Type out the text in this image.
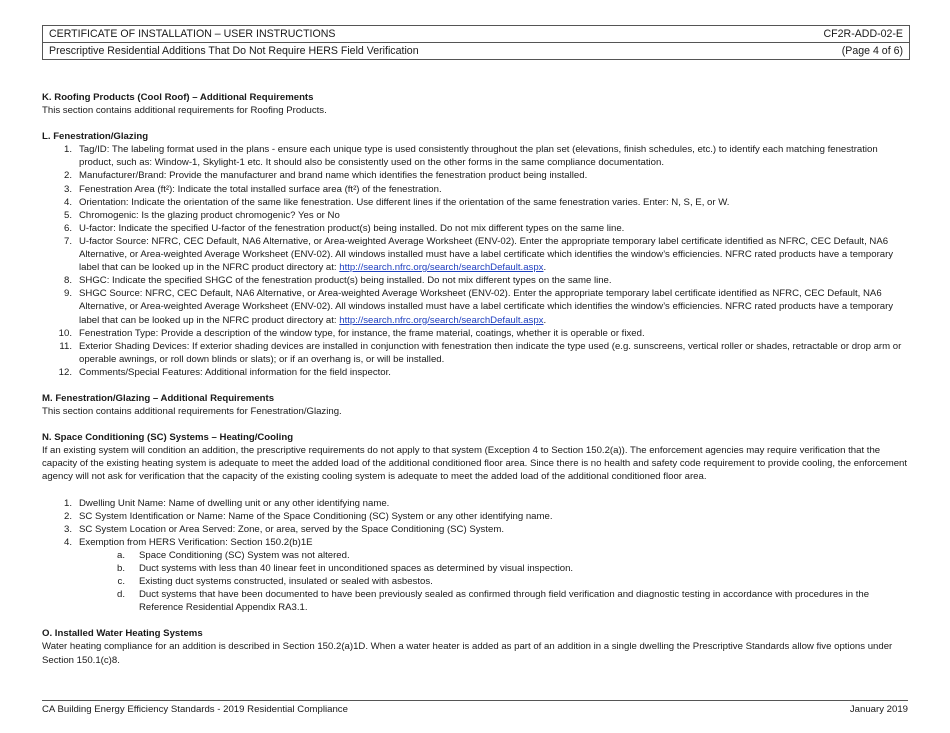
CERTIFICATE OF INSTALLATION – USER INSTRUCTIONS	CF2R-ADD-02-E
Prescriptive Residential Additions That Do Not Require HERS Field Verification	(Page 4 of 6)
K. Roofing Products (Cool Roof) – Additional Requirements
This section contains additional requirements for Roofing Products.
L. Fenestration/Glazing
1. Tag/ID: The labeling format used in the plans - ensure each unique type is used consistently throughout the plan set (elevations, finish schedules, etc.) to identify each matching fenestration product, such as: Window-1, Skylight-1 etc. It should also be consistently used on the other forms in the same compliance documentation.
2. Manufacturer/Brand: Provide the manufacturer and brand name which identifies the fenestration product being installed.
3. Fenestration Area (ft²): Indicate the total installed surface area (ft²) of the fenestration.
4. Orientation: Indicate the orientation of the same like fenestration. Use different lines if the orientation of the same fenestration varies. Enter: N, S, E, or W.
5. Chromogenic: Is the glazing product chromogenic? Yes or No
6. U-factor: Indicate the specified U-factor of the fenestration product(s) being installed. Do not mix different types on the same line.
7. U-factor Source: NFRC, CEC Default, NA6 Alternative, or Area-weighted Average Worksheet (ENV-02). Enter the appropriate temporary label certificate identified as NFRC, CEC Default, NA6 Alternative, or Area-weighted Average Worksheet (ENV-02). All windows installed must have a label certificate which identifies the window’s efficiencies. NFRC rated products have a temporary label that can be looked up in the NFRC product directory at: http://search.nfrc.org/search/searchDefault.aspx.
8. SHGC: Indicate the specified SHGC of the fenestration product(s) being installed. Do not mix different types on the same line.
9. SHGC Source: NFRC, CEC Default, NA6 Alternative, or Area-weighted Average Worksheet (ENV-02). Enter the appropriate temporary label certificate identified as NFRC, CEC Default, NA6 Alternative, or Area-weighted Average Worksheet (ENV-02). All windows installed must have a label certificate which identifies the window’s efficiencies. NFRC rated products have a temporary label that can be looked up in the NFRC product directory at: http://search.nfrc.org/search/searchDefault.aspx.
10. Fenestration Type: Provide a description of the window type, for instance, the frame material, coatings, whether it is operable or fixed.
11. Exterior Shading Devices: If exterior shading devices are installed in conjunction with fenestration then indicate the type used (e.g. sunscreens, vertical roller or shades, retractable or drop arm or operable awnings, or roll down blinds or slats); or if an overhang is, or will be installed.
12. Comments/Special Features: Additional information for the field inspector.
M. Fenestration/Glazing – Additional Requirements
This section contains additional requirements for Fenestration/Glazing.
N. Space Conditioning (SC) Systems – Heating/Cooling
If an existing system will condition an addition, the prescriptive requirements do not apply to that system (Exception 4 to Section 150.2(a)). The enforcement agencies may require verification that the capacity of the existing heating system is adequate to meet the added load of the additional conditioned floor area. Since there is no health and safety code requirement to provide cooling, the enforcement agency will not ask for verification that the capacity of the existing cooling system is adequate to meet the added load of the additional conditioned floor area.
1. Dwelling Unit Name: Name of dwelling unit or any other identifying name.
2. SC System Identification or Name: Name of the Space Conditioning (SC) System or any other identifying name.
3. SC System Location or Area Served: Zone, or area, served by the Space Conditioning (SC) System.
4. Exemption from HERS Verification: Section 150.2(b)1E
a.	Space Conditioning (SC) System was not altered.
b.	Duct systems with less than 40 linear feet in unconditioned spaces as determined by visual inspection.
c.	Existing duct systems constructed, insulated or sealed with asbestos.
d.	Duct systems that have been documented to have been previously sealed as confirmed through field verification and diagnostic testing in accordance with procedures in the Reference Residential Appendix RA3.1.
O. Installed Water Heating Systems
Water heating compliance for an addition is described in Section 150.2(a)1D. When a water heater is added as part of an addition in a single dwelling the Prescriptive Standards allow five options under Section 150.1(c)8.
CA Building Energy Efficiency Standards - 2019 Residential Compliance	January 2019
